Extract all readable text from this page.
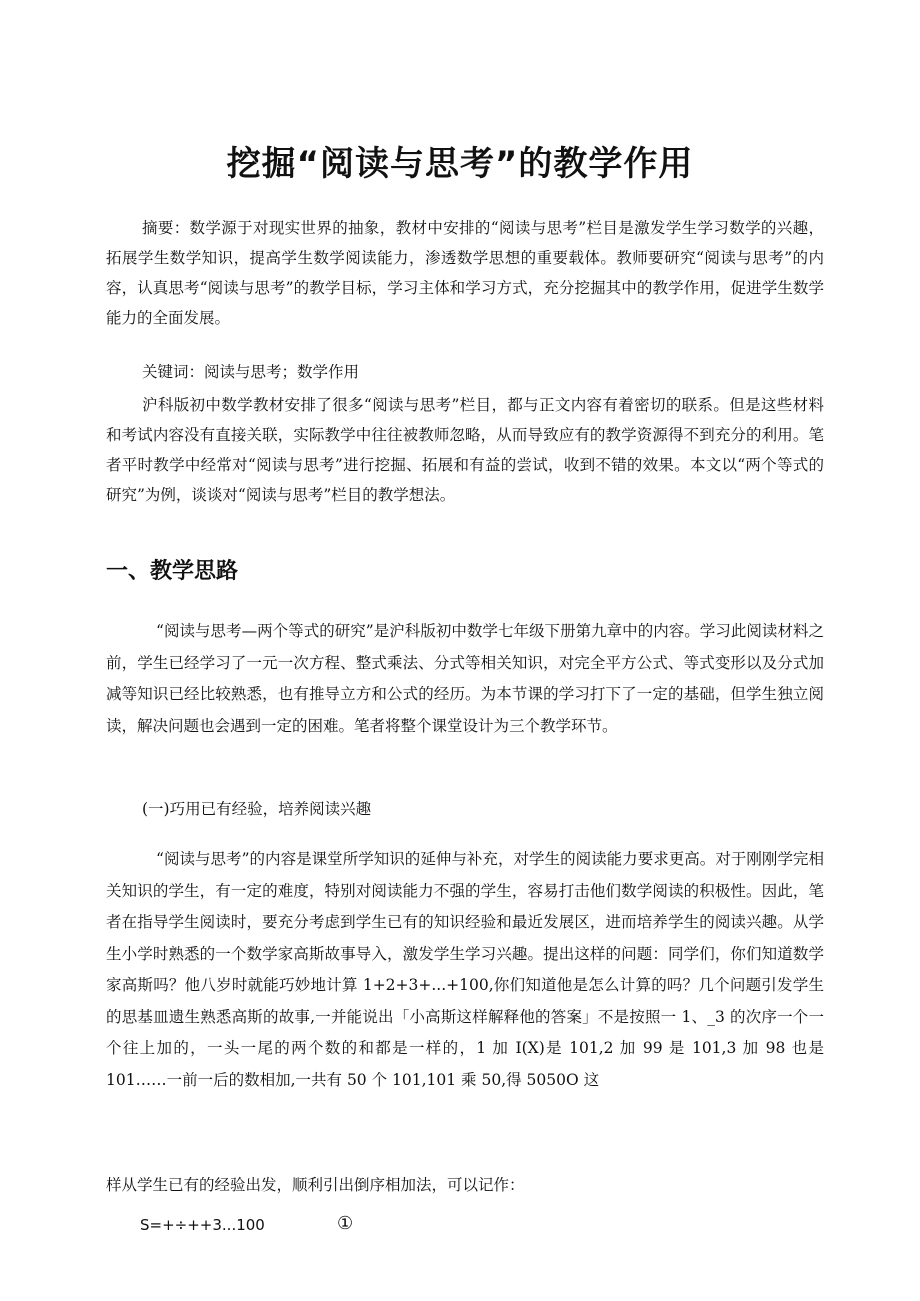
挖掘“阅读与思考”的教学作用

摘要：数学源于对现实世界的抽象，教材中安排的“阅读与思考”栏目是激发学生学习数学的兴趣，拓展学生数学知识，提高学生数学阅读能力，渗透数学思想的重要载体。教师要研究“阅读与思考”的内容，认真思考“阅读与思考”的教学目标，学习主体和学习方式，充分挖掘其中的教学作用，促进学生数学能力的全面发展。

关键词：阅读与思考；数学作用

沪科版初中数学教材安排了很多“阅读与思考”栏目，都与正文内容有着密切的联系。但是这些材料和考试内容没有直接关联，实际教学中往往被教师忽略，从而导致应有的教学资源得不到充分的利用。笔者平时教学中经常对“阅读与思考”进行挖掘、拓展和有益的尝试，收到不错的效果。本文以“两个等式的研究”为例，谈谈对“阅读与思考”栏目的教学想法。

一、教学思路

“阅读与思考—两个等式的研究”是沪科版初中数学七年级下册第九章中的内容。学习此阅读材料之前，学生已经学习了一元一次方程、整式乘法、分式等相关知识，对完全平方公式、等式变形以及分式加减等知识已经比较熟悉，也有推导立方和公式的经历。为本节课的学习打下了一定的基础，但学生独立阅读，解决问题也会遇到一定的困难。笔者将整个课堂设计为三个教学环节。

(一)巧用已有经验，培养阅读兴趣

“阅读与思考”的内容是课堂所学知识的延伸与补充，对学生的阅读能力要求更高。对于刚刚学完相关知识的学生，有一定的难度，特别对阅读能力不强的学生，容易打击他们数学阅读的积极性。因此，笔者在指导学生阅读时，要充分考虑到学生已有的知识经验和最近发展区，进而培养学生的阅读兴趣。从学生小学时熟悉的一个数学家高斯故事导入，激发学生学习兴趣。提出这样的问题：同学们，你们知道数学家高斯吗？他八岁时就能巧妙地计算 1+2+3+...+100,你们知道他是怎么计算的吗？几个问题引发学生的思基皿遗生熟悉高斯的故事,一并能说出「小高斯这样解释他的答案」不是按照一 1、_3 的次序一个一个往上加的，一头一尾的两个数的和都是一样的，1 加 I(X)是 101,2 加 99 是 101,3 加 98 也是 101……一前一后的数相加,一共有 50 个 101,101 乘 50,得 5050O 这

样从学生已有的经验出发，顺利引出倒序相加法，可以记作：

S=+÷++3...100	①
